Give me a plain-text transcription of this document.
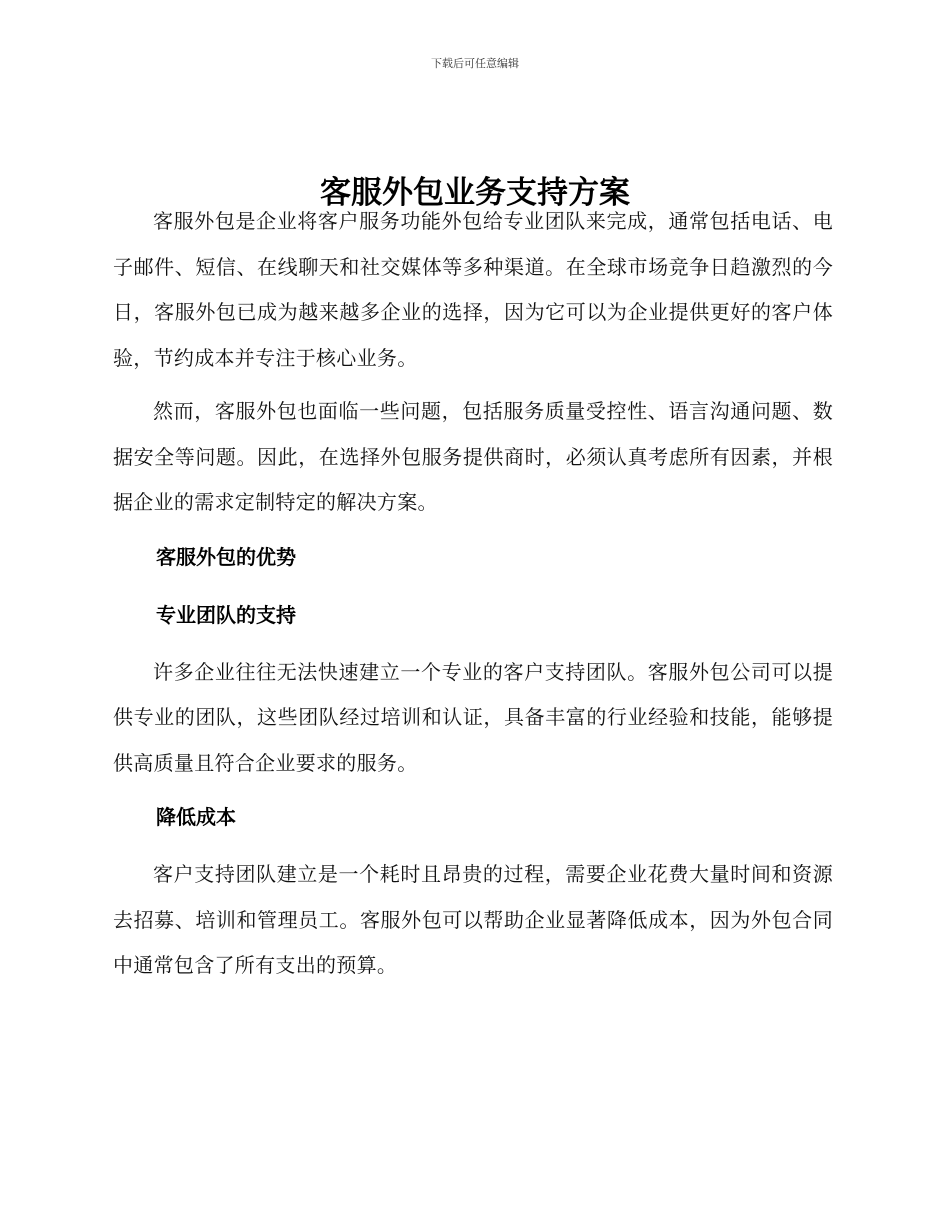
下载后可任意编辑
客服外包业务支持方案

客服外包是企业将客户服务功能外包给专业团队来完成，通常包括电话、电子邮件、短信、在线聊天和社交媒体等多种渠道。在全球市场竞争日趋激烈的今日，客服外包已成为越来越多企业的选择，因为它可以为企业提供更好的客户体验，节约成本并专注于核心业务。

然而，客服外包也面临一些问题，包括服务质量受控性、语言沟通问题、数据安全等问题。因此，在选择外包服务提供商时，必须认真考虑所有因素，并根据企业的需求定制特定的解决方案。

客服外包的优势
专业团队的支持

许多企业往往无法快速建立一个专业的客户支持团队。客服外包公司可以提供专业的团队，这些团队经过培训和认证，具备丰富的行业经验和技能，能够提供高质量且符合企业要求的服务。

降低成本

客户支持团队建立是一个耗时且昂贵的过程，需要企业花费大量时间和资源去招募、培训和管理员工。客服外包可以帮助企业显著降低成本，因为外包合同中通常包含了所有支出的预算。
